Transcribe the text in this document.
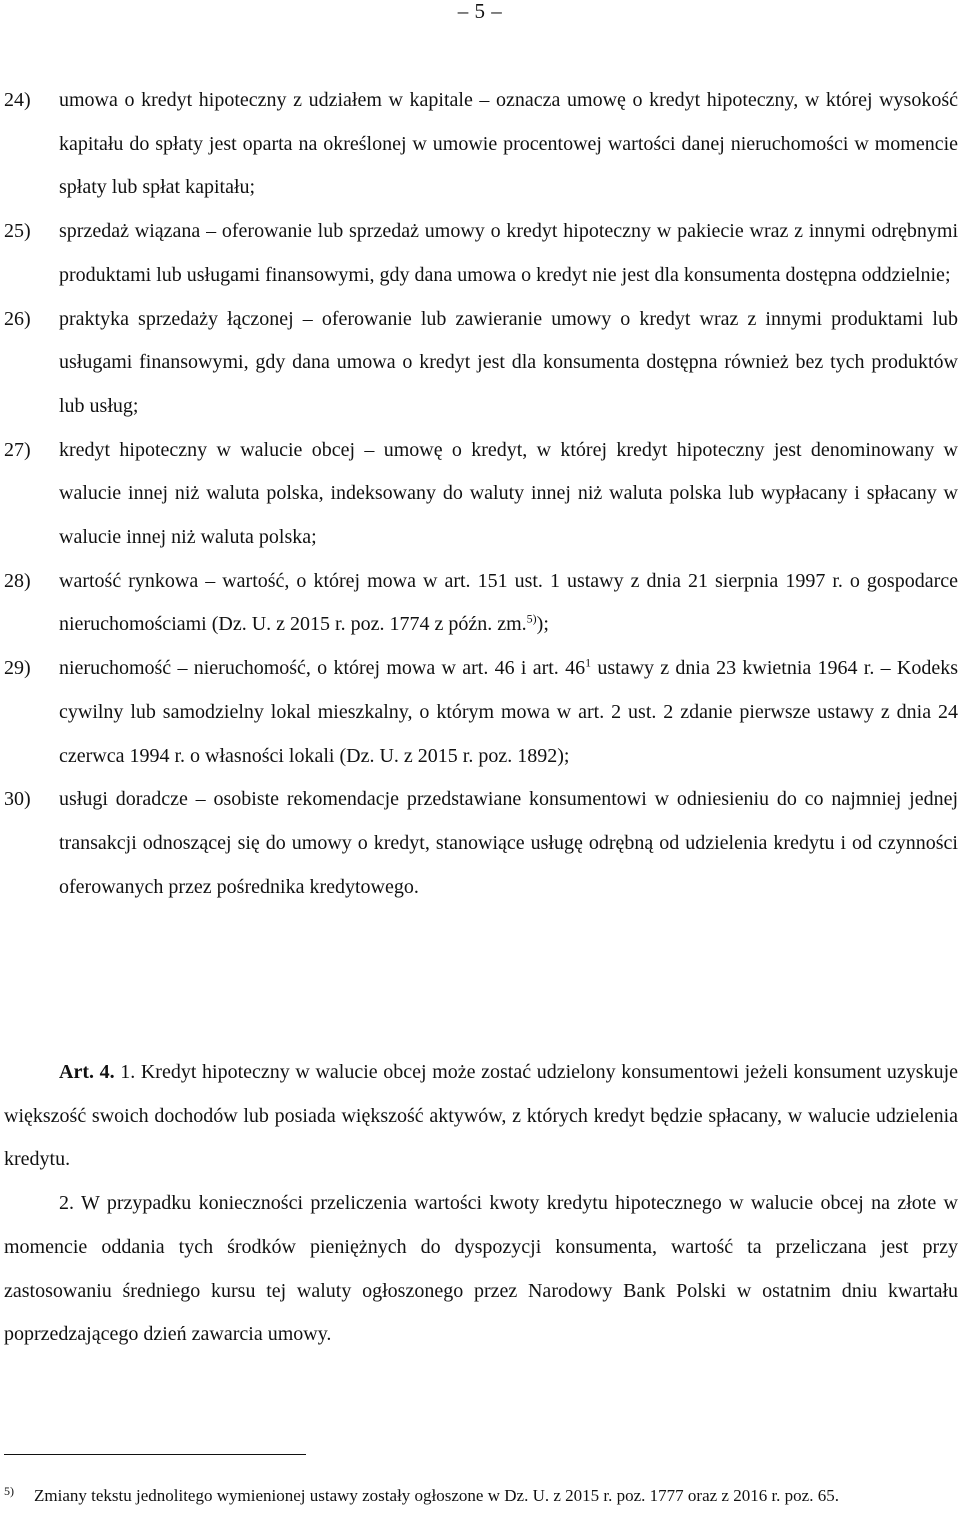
– 5 –
24)	umowa o kredyt hipoteczny z udziałem w kapitale – oznacza umowę o kredyt hipoteczny, w której wysokość kapitału do spłaty jest oparta na określonej w umowie procentowej wartości danej nieruchomości w momencie spłaty lub spłat kapitału;
25)	sprzedaż wiązana – oferowanie lub sprzedaż umowy o kredyt hipoteczny w pakiecie wraz z innymi odrębnymi produktami lub usługami finansowymi, gdy dana umowa o kredyt nie jest dla konsumenta dostępna oddzielnie;
26)	praktyka sprzedaży łączonej – oferowanie lub zawieranie umowy o kredyt wraz z innymi produktami lub usługami finansowymi, gdy dana umowa o kredyt jest dla konsumenta dostępna również bez tych produktów lub usług;
27)	kredyt hipoteczny w walucie obcej – umowę o kredyt, w której kredyt hipoteczny jest denominowany w walucie innej niż waluta polska, indeksowany do waluty innej niż waluta polska lub wypłacany i spłacany w walucie innej niż waluta polska;
28)	wartość rynkowa – wartość, o której mowa w art. 151 ust. 1 ustawy z dnia 21 sierpnia 1997 r. o gospodarce nieruchomościami (Dz. U. z 2015 r. poz. 1774 z późn. zm.$^{5)}$);
29)	nieruchomość – nieruchomość, o której mowa w art. 46 i art. $46^1$ ustawy z dnia 23 kwietnia 1964 r. – Kodeks cywilny lub samodzielny lokal mieszkalny, o którym mowa w art. 2 ust. 2 zdanie pierwsze ustawy z dnia 24 czerwca 1994 r. o własności lokali (Dz. U. z 2015 r. poz. 1892);
30)	usługi doradcze – osobiste rekomendacje przedstawiane konsumentowi w odniesieniu do co najmniej jednej transakcji odnoszącej się do umowy o kredyt, stanowiące usługę odrębną od udzielenia kredytu i od czynności oferowanych przez pośrednika kredytowego.

Art. 4. 1. Kredyt hipoteczny w walucie obcej może zostać udzielony konsumentowi jeżeli konsument uzyskuje większość swoich dochodów lub posiada większość aktywów, z których kredyt będzie spłacany, w walucie udzielenia kredytu.

2. W przypadku konieczności przeliczenia wartości kwoty kredytu hipotecznego w walucie obcej na złote w momencie oddania tych środków pieniężnych do dyspozycji konsumenta, wartość ta przeliczana jest przy zastosowaniu średniego kursu tej waluty ogłoszonego przez Narodowy Bank Polski w ostatnim dniu kwartału poprzedzającego dzień zawarcia umowy.

5)	Zmiany tekstu jednolitego wymienionej ustawy zostały ogłoszone w Dz. U. z 2015 r. poz. 1777 oraz z 2016 r. poz. 65.
